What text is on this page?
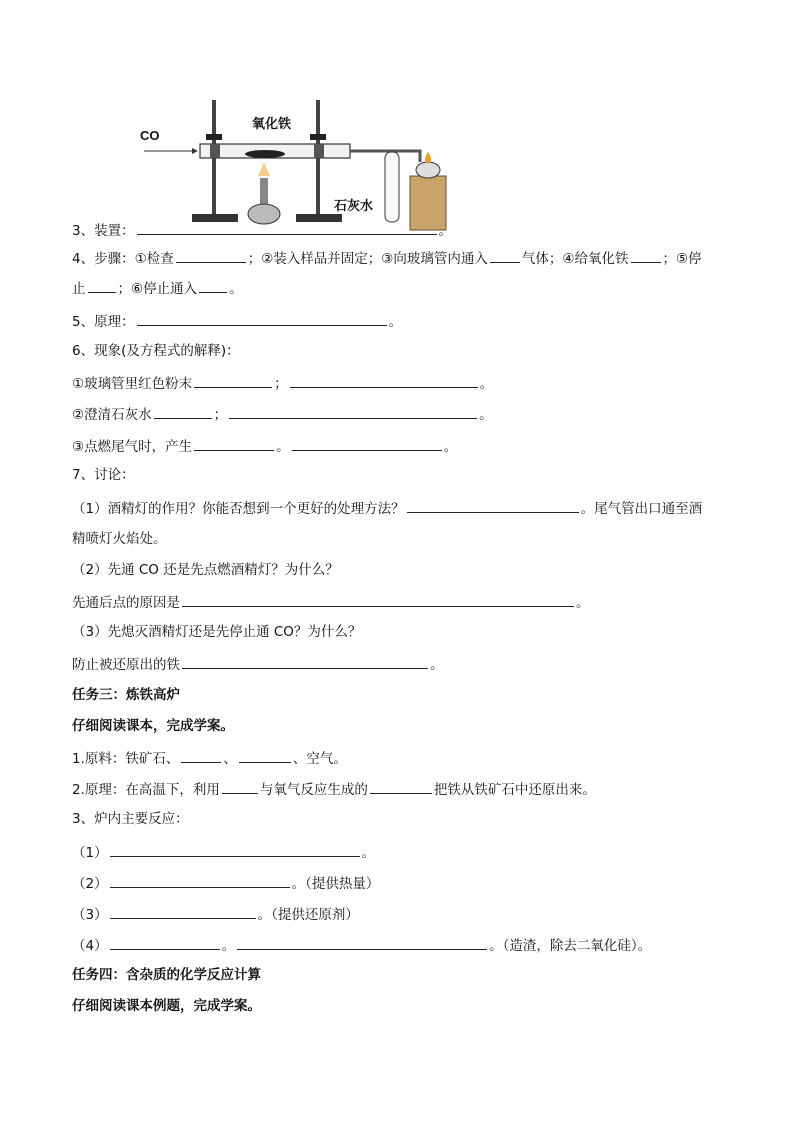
CO
氧化铁
石灰水
3、装置：	。
4、步骤：①检查	；②装入样品并固定；③向玻璃管内通入	气体；④给氧化铁	；⑤停
止 ；⑥停止通入 。
5、原理：	。
6、现象(及方程式的解释)：
①玻璃管里红色粉末	；	。
②澄清石灰水	；	。
③点燃尾气时，产生	。	。
7、讨论：
（1）酒精灯的作用？你能否想到一个更好的处理方法？	。尾气管出口通至酒
精喷灯火焰处。
（2）先通 CO 还是先点燃酒精灯？为什么？
先通后点的原因是	。
（3）先熄灭酒精灯还是先停止通 CO？为什么？
防止被还原出的铁	。
任务三：炼铁高炉
仔细阅读课本，完成学案。
1.原料：铁矿石、	、	、空气。
2.原理：在高温下，利用	与氧气反应生成的	把铁从铁矿石中还原出来。
3、炉内主要反应：
（1）	。
（2）	。（提供热量）
（3）	。（提供还原剂）
（4）	。	。（造渣，除去二氧化硅）。
任务四：含杂质的化学反应计算
仔细阅读课本例题，完成学案。
